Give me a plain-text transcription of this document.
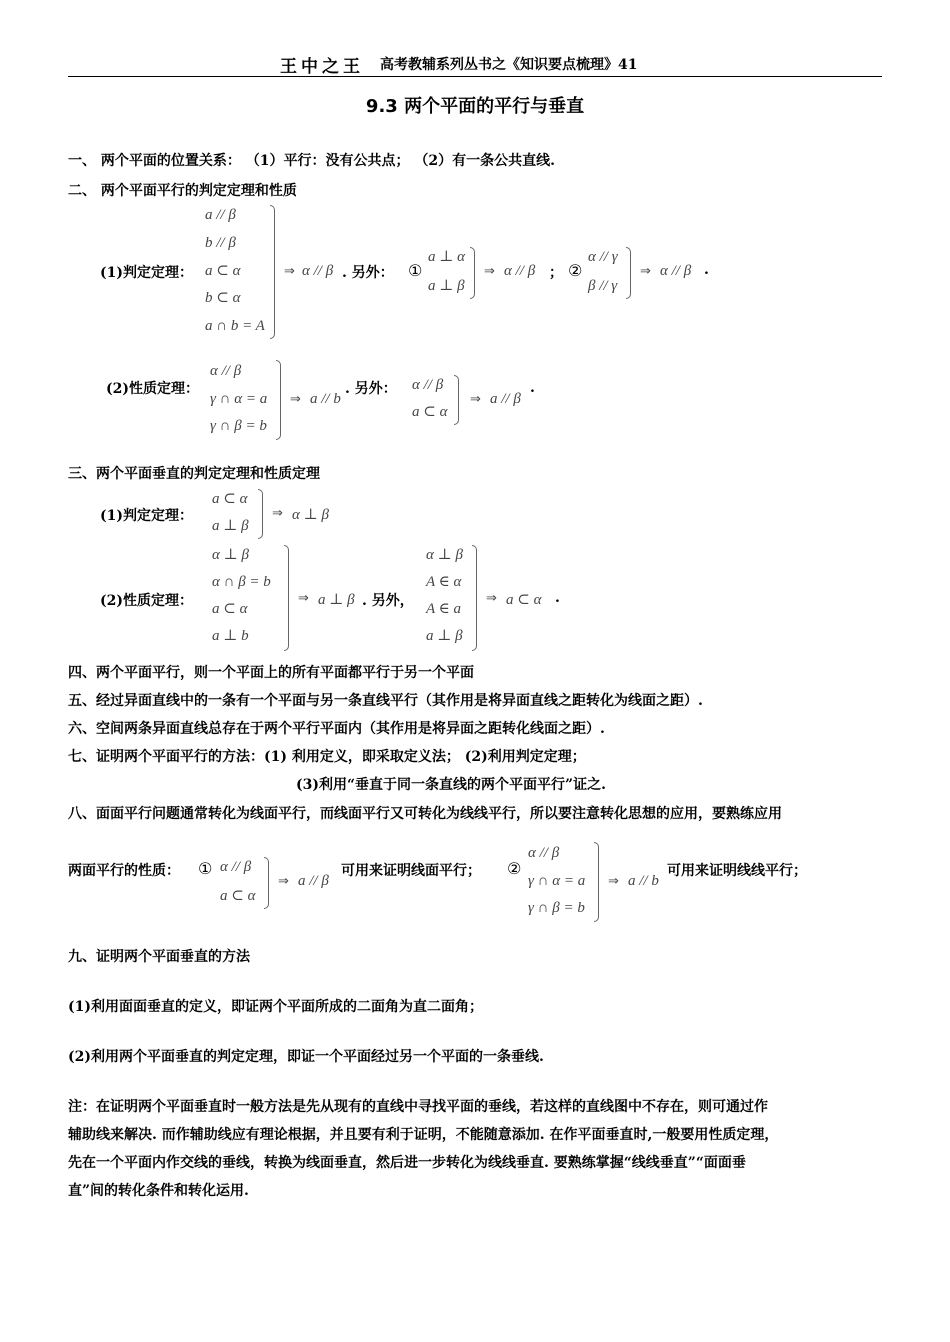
王中之王 高考教辅系列丛书之《知识要点梳理》41
9.3 两个平面的平行与垂直
一、 两个平面的位置关系： （1）平行：没有公共点； （2）有一条公共直线.
二、 两个平面平行的判定定理和性质
(1)判定定理：
a // β
b // β
a ⊂ α
b ⊂ α
a ∩ b = A
⇒ α // β . 另外： ①
a ⊥ α
a ⊥ β
⇒ α // β ； ②
α // γ
β // γ
⇒ α // β .
(2)性质定理：
α // β
γ ∩ α = a
γ ∩ β = b
⇒ a // b
. 另外： α // β
a ⊂ α
⇒ a // β
.
三、两个平面垂直的判定定理和性质定理
(1)判定定理：
a ⊂ α
a ⊥ β
⇒ α ⊥ β
(2)性质定理：
α ⊥ β
α ∩ β = b
a ⊂ α
a ⊥ b
⇒ a ⊥ β . 另外，
α ⊥ β
A ∈ α
A ∈ a
a ⊥ β
⇒ a ⊂ α .
四、两个平面平行，则一个平面上的所有平面都平行于另一个平面
五、经过异面直线中的一条有一个平面与另一条直线平行（其作用是将异面直线之距转化为线面之距）.
六、空间两条异面直线总存在于两个平行平面内（其作用是将异面之距转化线面之距）.
七、证明两个平面平行的方法：(1) 利用定义，即采取定义法； (2)利用判定定理；
(3)利用“垂直于同一条直线的两个平面平行”证之.
八、面面平行问题通常转化为线面平行，而线面平行又可转化为线线平行，所以要注意转化思想的应用，要熟练应用
两面平行的性质： ① α // β
a ⊂ α
⇒ a // β
可用来证明线面平行； ②
α // β
γ ∩ α = a
γ ∩ β = b
⇒ a // b
可用来证明线线平行；
九、证明两个平面垂直的方法
(1)利用面面垂直的定义，即证两个平面所成的二面角为直二面角；
(2)利用两个平面垂直的判定定理，即证一个平面经过另一个平面的一条垂线.
注：在证明两个平面垂直时一般方法是先从现有的直线中寻找平面的垂线，若这样的直线图中不存在，则可通过作
辅助线来解决. 而作辅助线应有理论根据，并且要有利于证明，不能随意添加. 在作平面垂直时,一般要用性质定理，
先在一个平面内作交线的垂线，转换为线面垂直，然后进一步转化为线线垂直. 要熟练掌握“线线垂直”“面面垂
直”间的转化条件和转化运用.
